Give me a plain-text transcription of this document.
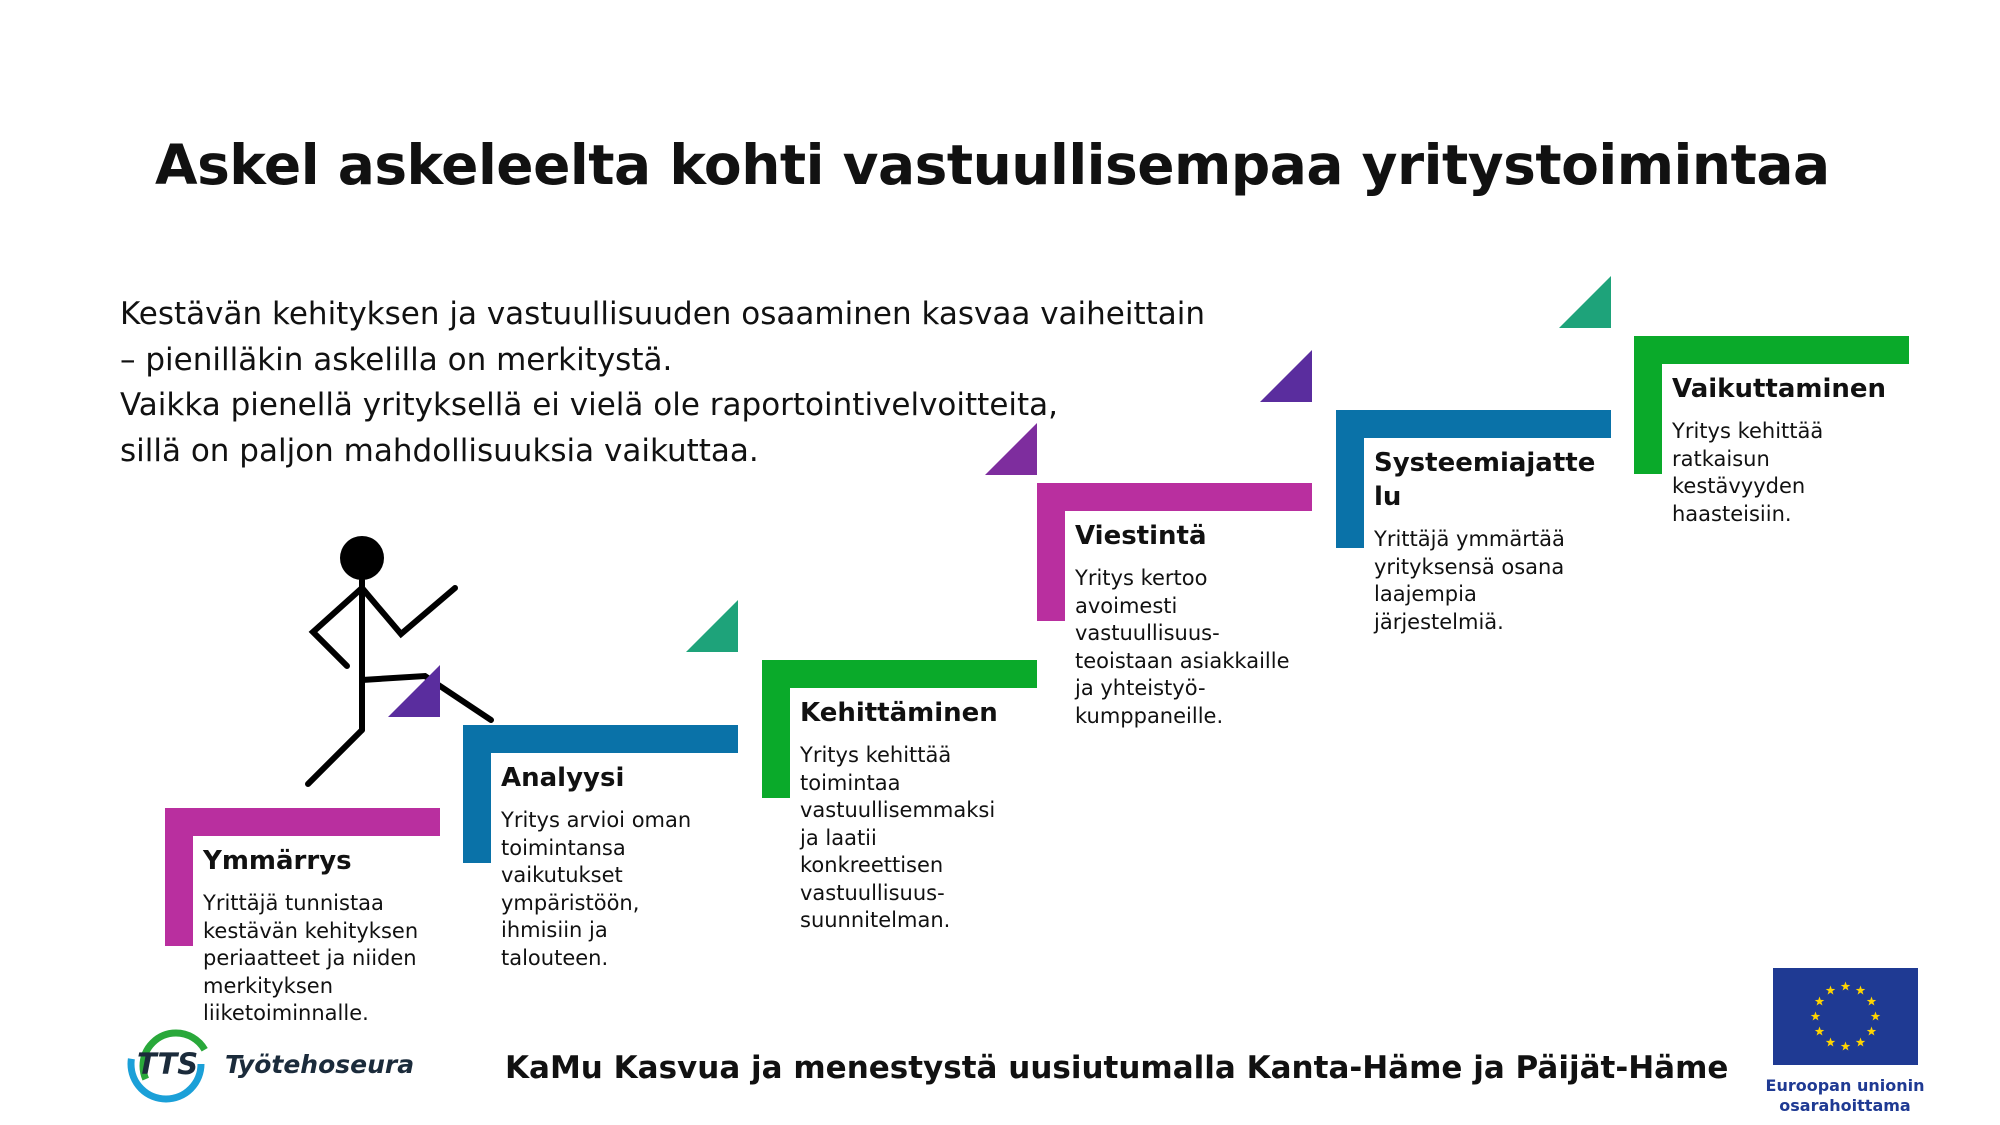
Askel askeleelta kohti vastuullisempaa yritystoimintaa
Kestävän kehityksen ja vastuullisuuden osaaminen kasvaa vaiheittain
– pienilläkin askelilla on merkitystä.
Vaikka pienellä yrityksellä ei vielä ole raportointivelvoitteita,
sillä on paljon mahdollisuuksia vaikuttaa.
Ymmärrys
Yrittäjä tunnistaa
kestävän kehityksen
periaatteet ja niiden
merkityksen
liiketoiminnalle.
Analyysi
Yritys arvioi oman
toimintansa
vaikutukset
ympäristöön,
ihmisiin ja
talouteen.
Kehittäminen
Yritys kehittää
toimintaa
vastuullisemmaksi
ja laatii
konkreettisen
vastuullisuus-
suunnitelman.
Viestintä
Yritys kertoo
avoimesti
vastuullisuus-
teoistaan asiakkaille
ja yhteistyö-
kumppaneille.
Systeemiajatte
lu
Yrittäjä ymmärtää
yrityksensä osana
laajempia
järjestelmiä.
Vaikuttaminen
Yritys kehittää
ratkaisun
kestävyyden
haasteisiin.
TTS Työtehoseura	KaMu Kasvua ja menestystä uusiutumalla Kanta-Häme ja Päijät-Häme	Euroopan unionin
osarahoittama
